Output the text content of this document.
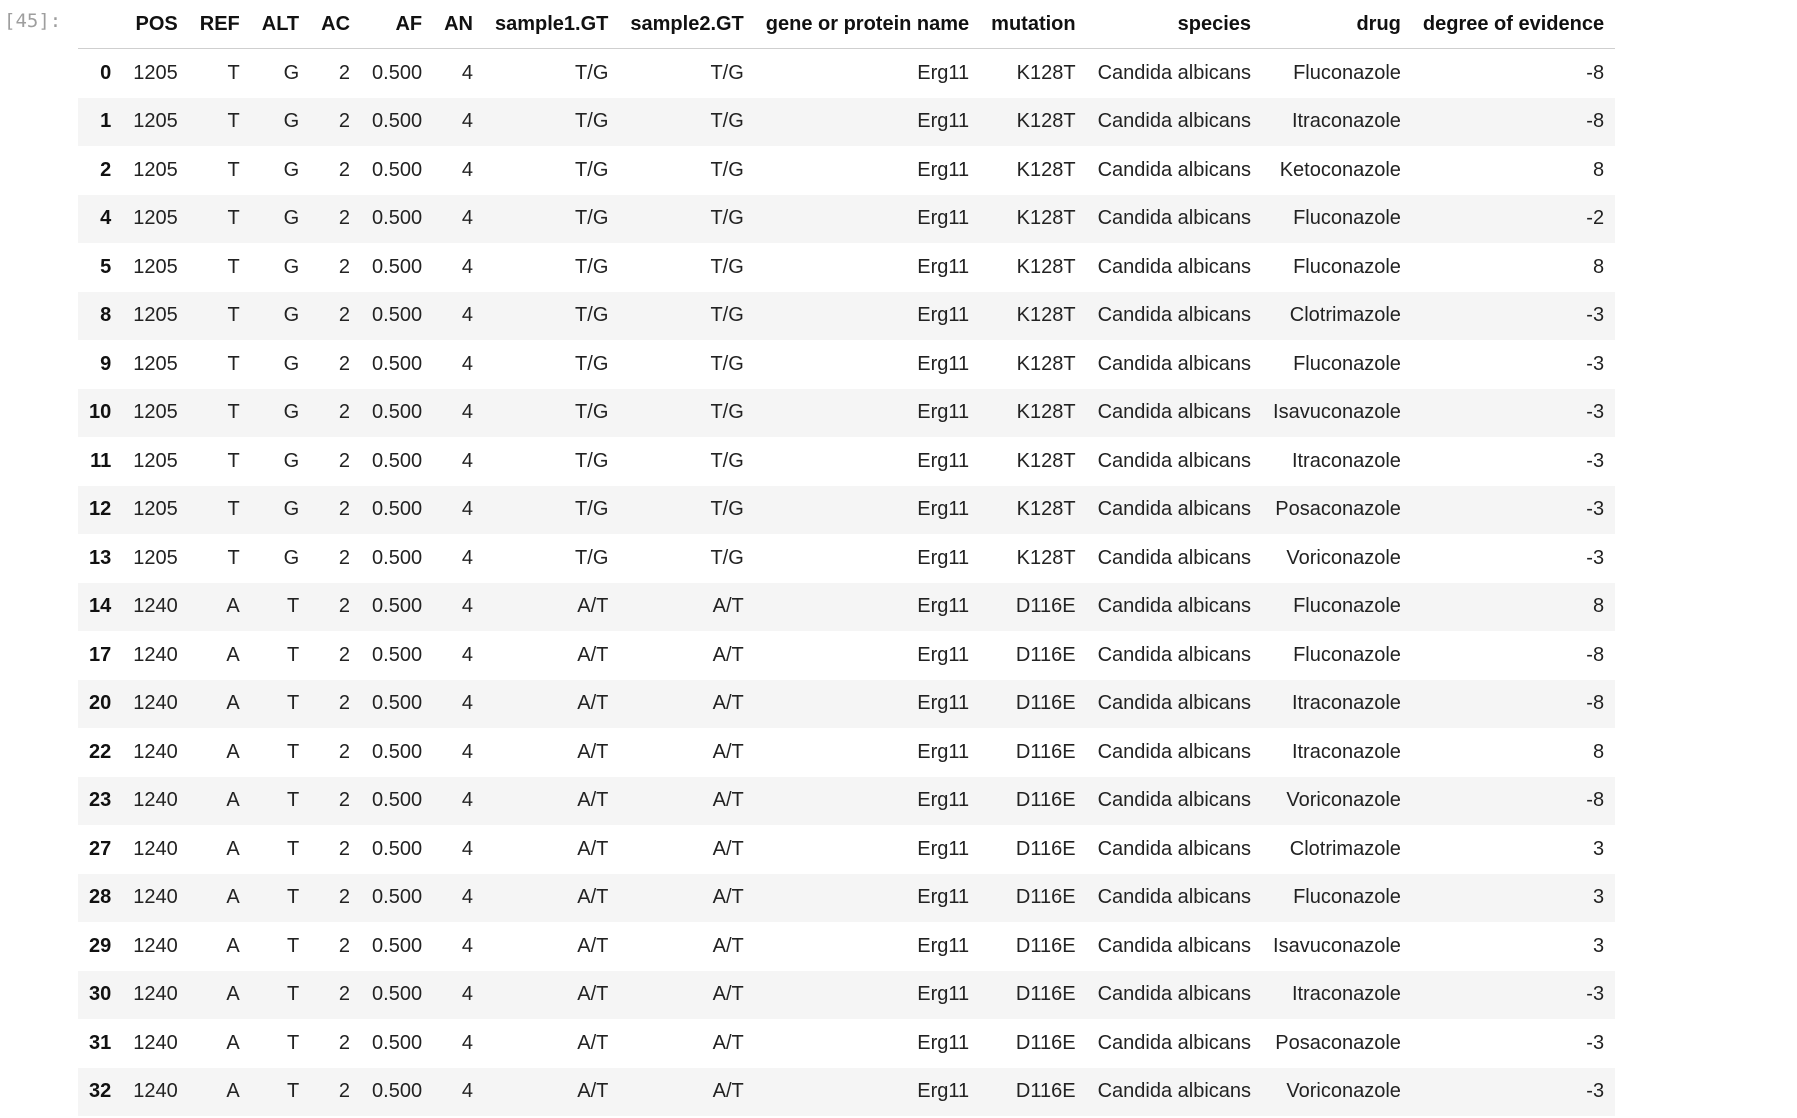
[45]:
		POS	REF	ALT	AC	AF	AN	sample1.GT	sample2.GT	gene or protein name	mutation	species	drug	degree of evidence
0	1205	T	G	2	0.500	4	T/G	T/G	Erg11	K128T	Candida albicans	Fluconazole	-8
1	1205	T	G	2	0.500	4	T/G	T/G	Erg11	K128T	Candida albicans	Itraconazole	-8
2	1205	T	G	2	0.500	4	T/G	T/G	Erg11	K128T	Candida albicans	Ketoconazole	8
4	1205	T	G	2	0.500	4	T/G	T/G	Erg11	K128T	Candida albicans	Fluconazole	-2
5	1205	T	G	2	0.500	4	T/G	T/G	Erg11	K128T	Candida albicans	Fluconazole	8
8	1205	T	G	2	0.500	4	T/G	T/G	Erg11	K128T	Candida albicans	Clotrimazole	-3
9	1205	T	G	2	0.500	4	T/G	T/G	Erg11	K128T	Candida albicans	Fluconazole	-3
10	1205	T	G	2	0.500	4	T/G	T/G	Erg11	K128T	Candida albicans	Isavuconazole	-3
11	1205	T	G	2	0.500	4	T/G	T/G	Erg11	K128T	Candida albicans	Itraconazole	-3
12	1205	T	G	2	0.500	4	T/G	T/G	Erg11	K128T	Candida albicans	Posaconazole	-3
13	1205	T	G	2	0.500	4	T/G	T/G	Erg11	K128T	Candida albicans	Voriconazole	-3
14	1240	A	T	2	0.500	4	A/T	A/T	Erg11	D116E	Candida albicans	Fluconazole	8
17	1240	A	T	2	0.500	4	A/T	A/T	Erg11	D116E	Candida albicans	Fluconazole	-8
20	1240	A	T	2	0.500	4	A/T	A/T	Erg11	D116E	Candida albicans	Itraconazole	-8
22	1240	A	T	2	0.500	4	A/T	A/T	Erg11	D116E	Candida albicans	Itraconazole	8
23	1240	A	T	2	0.500	4	A/T	A/T	Erg11	D116E	Candida albicans	Voriconazole	-8
27	1240	A	T	2	0.500	4	A/T	A/T	Erg11	D116E	Candida albicans	Clotrimazole	3
28	1240	A	T	2	0.500	4	A/T	A/T	Erg11	D116E	Candida albicans	Fluconazole	3
29	1240	A	T	2	0.500	4	A/T	A/T	Erg11	D116E	Candida albicans	Isavuconazole	3
30	1240	A	T	2	0.500	4	A/T	A/T	Erg11	D116E	Candida albicans	Itraconazole	-3
31	1240	A	T	2	0.500	4	A/T	A/T	Erg11	D116E	Candida albicans	Posaconazole	-3
32	1240	A	T	2	0.500	4	A/T	A/T	Erg11	D116E	Candida albicans	Voriconazole	-3
